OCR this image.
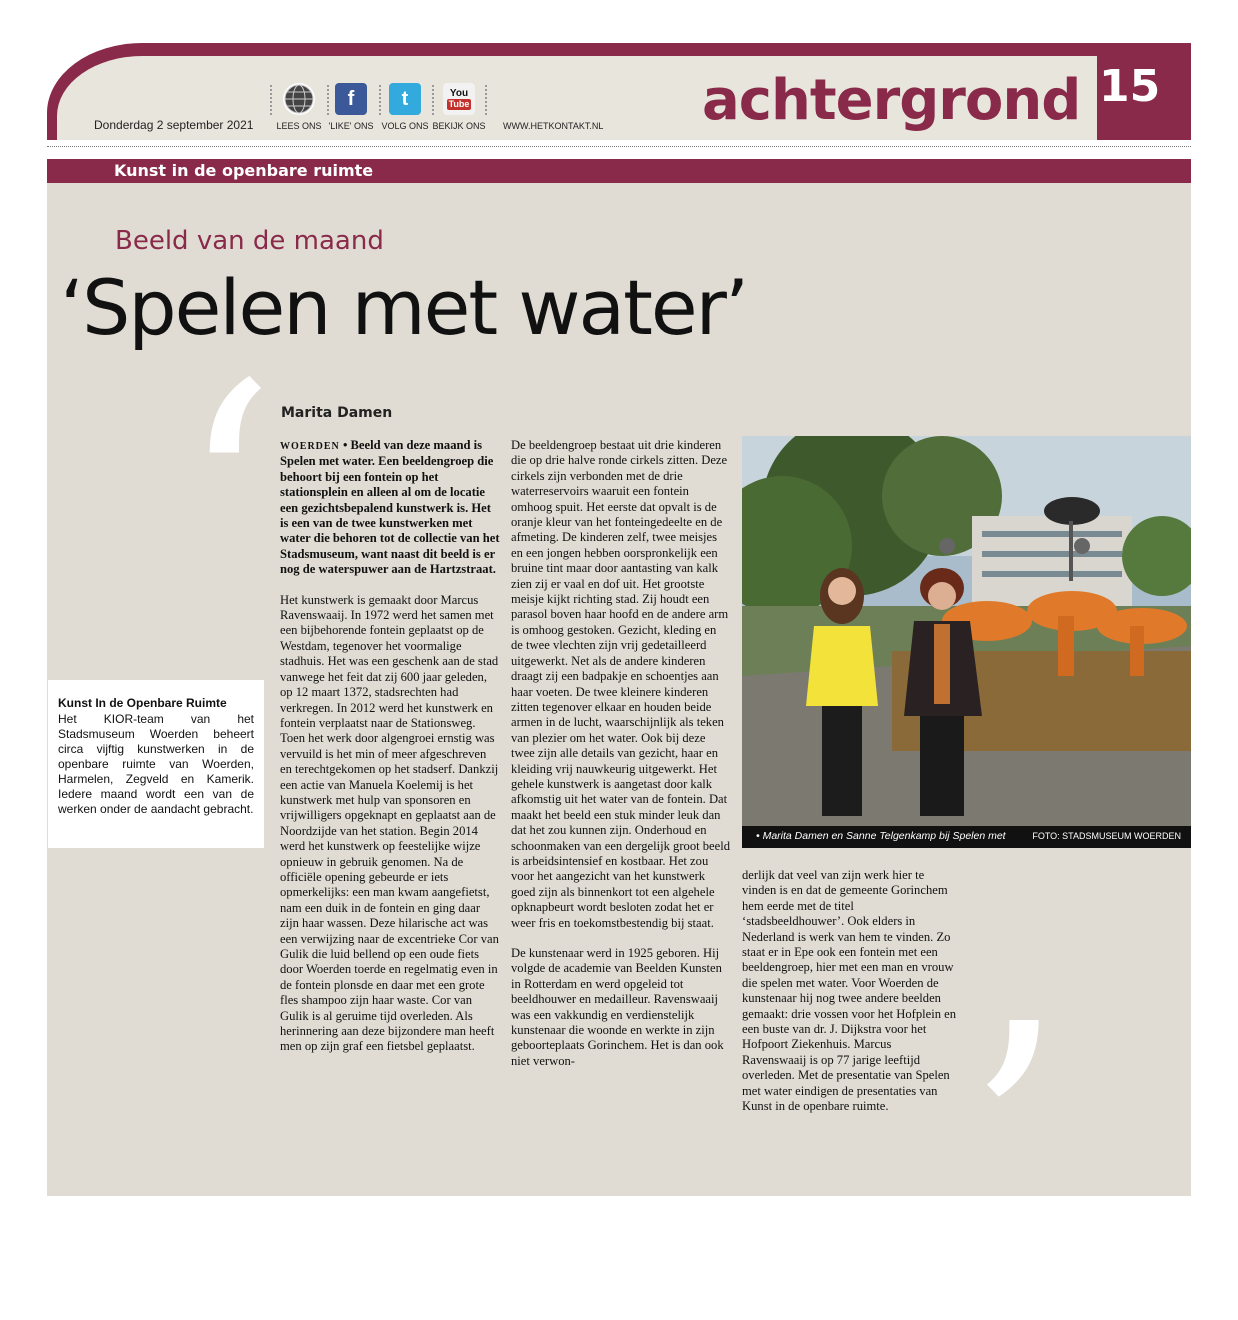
Donderdag 2 september 2021	LEES ONS
f
'LIKE' ONS
t
VOLG ONS
You
Tube
BEKIJK ONS WWW.HETKONTAKT.NL achtergrond 15
Kunst in de openbare ruimte
Beeld van de maand
‘Spelen met water’
‘
’
Marita Damen

WOERDEN • Beeld van deze maand is Spelen met water. Een beeldengroep die behoort bij een fontein op het stationsplein en alleen al om de locatie een gezichtsbepalend kunstwerk is. Het is een van de twee kunstwerken met water die behoren tot de collectie van het Stadsmuseum, want naast dit beeld is er nog de waterspuwer aan de Hartzstraat.

Het kunstwerk is gemaakt door Marcus Ravenswaaij. In 1972 werd het samen met een bijbehorende fontein geplaatst op de Westdam, tegenover het voormalige stadhuis. Het was een geschenk aan de stad vanwege het feit dat zij 600 jaar geleden, op 12 maart 1372, stadsrechten had verkregen. In 2012 werd het kunstwerk en fontein verplaatst naar de Stationsweg. Toen het werk door algengroei ernstig was vervuild is het min of meer afgeschreven en terechtgekomen op het stadserf. Dankzij een actie van Manuela Koelemij is het kunstwerk met hulp van sponsoren en vrijwilligers opgeknapt en geplaatst aan de Noordzijde van het station. Begin 2014 werd het kunstwerk op feestelijke wijze opnieuw in gebruik genomen. Na de officiële opening gebeurde er iets opmerkelijks: een man kwam aangefietst, nam een duik in de fontein en ging daar zijn haar wassen. Deze hilarische act was een verwijzing naar de excentrieke Cor van Gulik die luid bellend op een oude fiets door Woerden toerde en regelmatig even in de fontein plonsde en daar met een grote fles shampoo zijn haar waste. Cor van Gulik is al geruime tijd overleden. Als herinnering aan deze bijzondere man heeft men op zijn graf een fietsbel geplaatst.

De beeldengroep bestaat uit drie kinderen die op drie halve ronde cirkels zitten. Deze cirkels zijn verbonden met de drie waterreservoirs waaruit een fontein omhoog spuit. Het eerste dat opvalt is de oranje kleur van het fonteingedeelte en de afmeting. De kinderen zelf, twee meisjes en een jongen hebben oorspronkelijk een bruine tint maar door aantasting van kalk zien zij er vaal en dof uit. Het grootste meisje kijkt richting stad. Zij houdt een parasol boven haar hoofd en de andere arm is omhoog gestoken. Gezicht, kleding en de twee vlechten zijn vrij gedetailleerd uitgewerkt. Net als de andere kinderen draagt zij een badpakje en schoentjes aan haar voeten. De twee kleinere kinderen zitten tegenover elkaar en houden beide armen in de lucht, waarschijnlijk als teken van plezier om het water. Ook bij deze twee zijn alle details van gezicht, haar en kleiding vrij nauwkeurig uitgewerkt. Het gehele kunstwerk is aangetast door kalk afkomstig uit het water van de fontein. Dat maakt het beeld een stuk minder leuk dan dat het zou kunnen zijn. Onderhoud en schoonmaken van een dergelijk groot beeld is arbeidsintensief en kostbaar. Het zou voor het aangezicht van het kunstwerk goed zijn als binnenkort tot een algehele opknapbeurt wordt besloten zodat het er weer fris en toekomstbestendig bij staat.

De kunstenaar werd in 1925 geboren. Hij volgde de academie van Beelden Kunsten in Rotterdam en werd opgeleid tot beeldhouwer en medailleur. Ravenswaaij was een vakkundig en verdienstelijk kunstenaar die woonde en werkte in zijn geboorteplaats Gorinchem. Het is dan ook niet verwon-

derlijk dat veel van zijn werk hier te vinden is en dat de gemeente Gorinchem hem eerde met de titel ‘stadsbeeldhouwer’. Ook elders in Nederland is werk van hem te vinden. Zo staat er in Epe ook een fontein met een beeldengroep, hier met een man en vrouw die spelen met water. Voor Woerden de kunstenaar hij nog twee andere beelden gemaakt: drie vossen voor het Hofplein en een buste van dr. J. Dijkstra voor het Hofpoort Ziekenhuis. Marcus Ravenswaaij is op 77 jarige leeftijd overleden. Met de presentatie van Spelen met water eindigen de presentaties van Kunst in de openbare ruimte.

Kunst In de Openbare Ruimte
Het KIOR-team van het Stadsmuseum Woerden beheert circa vijftig kunstwerken in de openbare ruimte van Woerden, Harmelen, Zegveld en Kamerik. Iedere maand wordt een van de werken onder de aandacht gebracht.
• Marita Damen en Sanne Telgenkamp bij Spelen met	FOTO: STADSMUSEUM WOERDEN
